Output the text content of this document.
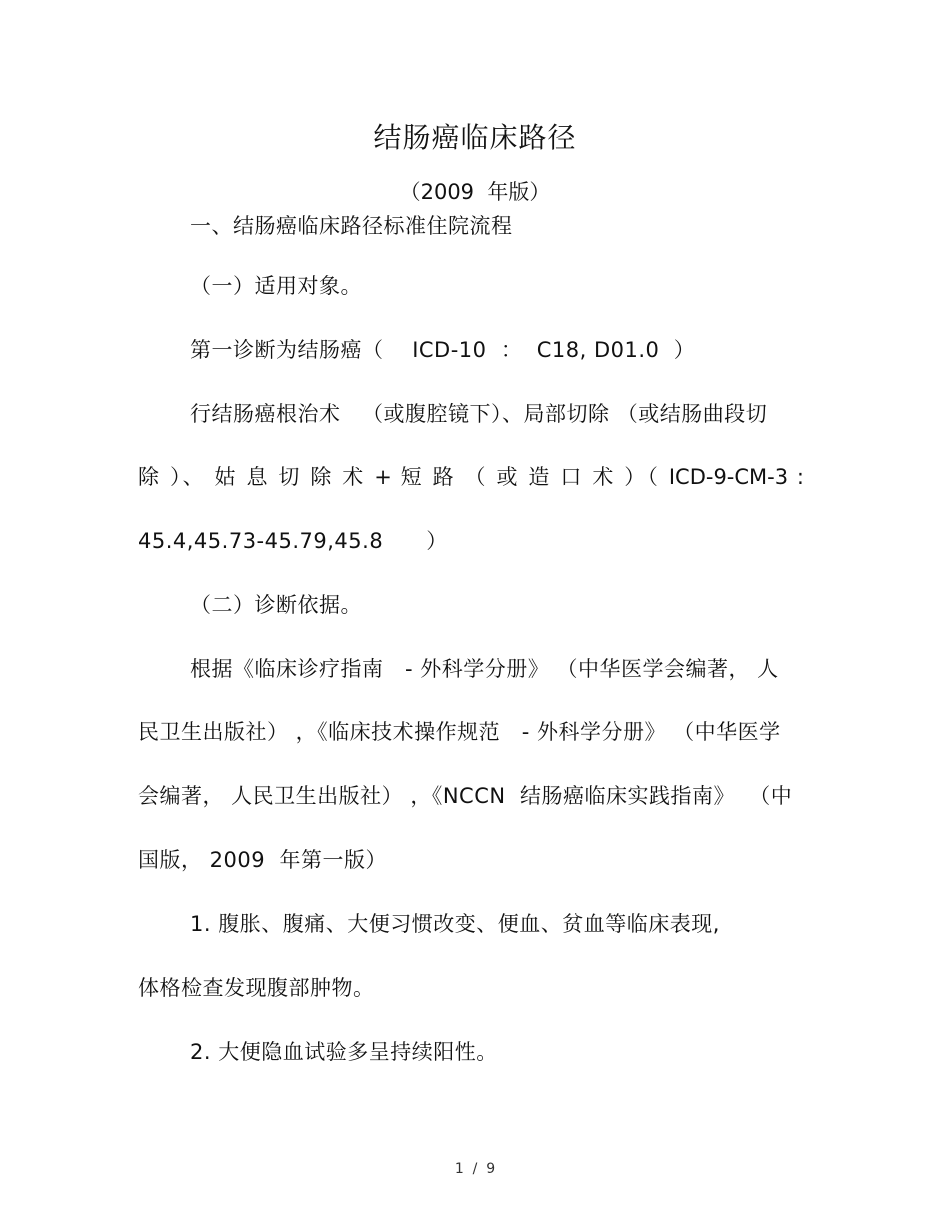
结肠癌临床路径
（2009  年版）
一、结肠癌临床路径标准住院流程
（一）适用对象。
第一诊断为结肠癌（    ICD-10  ：  C18, D01.0  ）
行结肠癌根治术   （或腹腔镜下）、局部切除 （或结肠曲段切
除 ）、 姑 息 切 除 术 + 短 路 （ 或 造 口 术 ）（ ICD-9-CM-3 :
45.4,45.73-45.79,45.8      ）
（二）诊断依据。
根据《临床诊疗指南   - 外科学分册》 （中华医学会编著， 人
民卫生出版社） ，《临床技术操作规范   - 外科学分册》 （中华医学
会编著， 人民卫生出版社） ，《NCCN  结肠癌临床实践指南》  （中
国版， 2009  年第一版）
1. 腹胀、腹痛、大便习惯改变、便血、贫血等临床表现,
体格检查发现腹部肿物。
2. 大便隐血试验多呈持续阳性。
1  /  9
